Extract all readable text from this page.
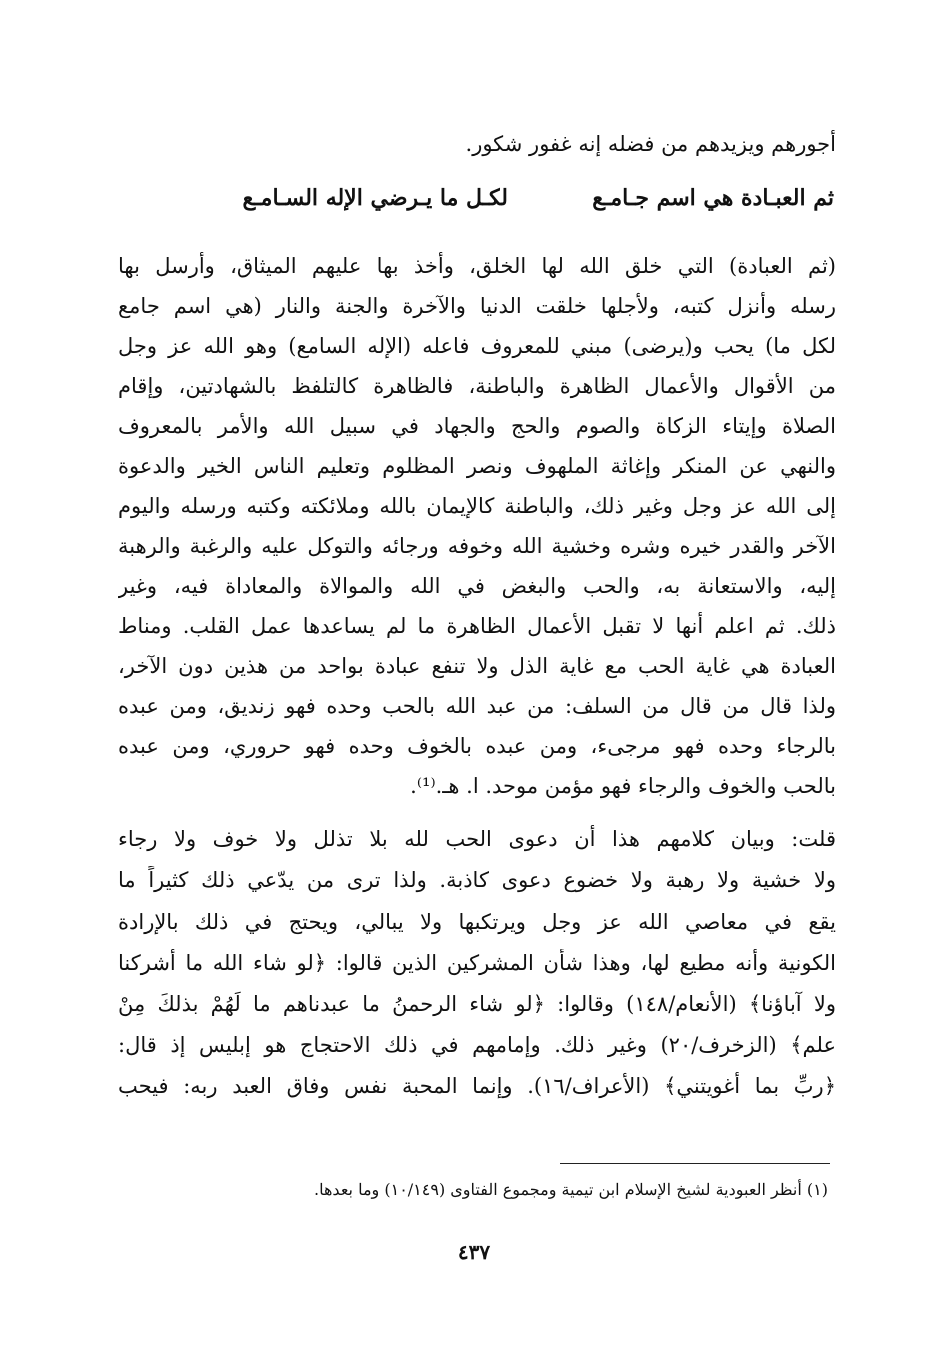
أجورهم ويزيدهم من فضله إنه غفور شكور.
ثم العبـادة هي اسم جـامـع
لكـل ما يـرضي الإله السـامـع
(ثم العبادة) التي خلق الله لها الخلق، وأخذ بها عليهم الميثاق، وأرسل بها
رسله وأنزل كتبه، ولأجلها خلقت الدنيا والآخرة والجنة والنار (هي اسم جامع
لكل ما) يحب و(يرضى) مبني للمعروف فاعله (الإله السامع) وهو الله عز وجل
من الأقوال والأعمال الظاهرة والباطنة، فالظاهرة كالتلفظ بالشهادتين، وإقام
الصلاة وإيتاء الزكاة والصوم والحج والجهاد في سبيل الله والأمر بالمعروف
والنهي عن المنكر وإغاثة الملهوف ونصر المظلوم وتعليم الناس الخير والدعوة
إلى الله عز وجل وغير ذلك، والباطنة كالإيمان بالله وملائكته وكتبه ورسله واليوم
الآخر والقدر خيره وشره وخشية الله وخوفه ورجائه والتوكل عليه والرغبة والرهبة
إليه، والاستعانة به، والحب والبغض في الله والموالاة والمعاداة فيه، وغير
ذلك. ثم اعلم أنها لا تقبل الأعمال الظاهرة ما لم يساعدها عمل القلب. ومناط
العبادة هي غاية الحب مع غاية الذل ولا تنفع عبادة بواحد من هذين دون الآخر،
ولذا قال من قال من السلف: من عبد الله بالحب وحده فهو زنديق، ومن عبده
بالرجاء وحده فهو مرجىء، ومن عبده بالخوف وحده فهو حروري، ومن عبده
بالحب والخوف والرجاء فهو مؤمن موحد. ا. هـ.⁽¹⁾.
قلت: وبيان كلامهم هذا أن دعوى الحب لله بلا تذلل ولا خوف ولا رجاء
ولا خشية ولا رهبة ولا خضوع دعوى كاذبة. ولذا ترى من يدّعي ذلك كثيراً ما
يقع في معاصي الله عز وجل ويرتكبها ولا يبالي، ويحتج في ذلك بالإرادة
الكونية وأنه مطيع لها، وهذا شأن المشركين الذين قالوا: ﴿لو شاء الله ما أشركنا
ولا آباؤنا﴾ (الأنعام/١٤٨) وقالوا: ﴿لو شاء الرحمنُ ما عبدناهم ما لَهُمْ بذلكَ مِنْ
علم﴾ (الزخرف/٢٠) وغير ذلك. وإمامهم في ذلك الاحتجاج هو إبليس إذ قال:
﴿ربِّ بما أغويتني﴾ (الأعراف/١٦). وإنما المحبة نفس وفاق العبد ربه: فيحب
(١) أنظر العبودية لشيخ الإسلام ابن تيمية ومجموع الفتاوى (١٠/١٤٩) وما بعدها.
٤٣٧
